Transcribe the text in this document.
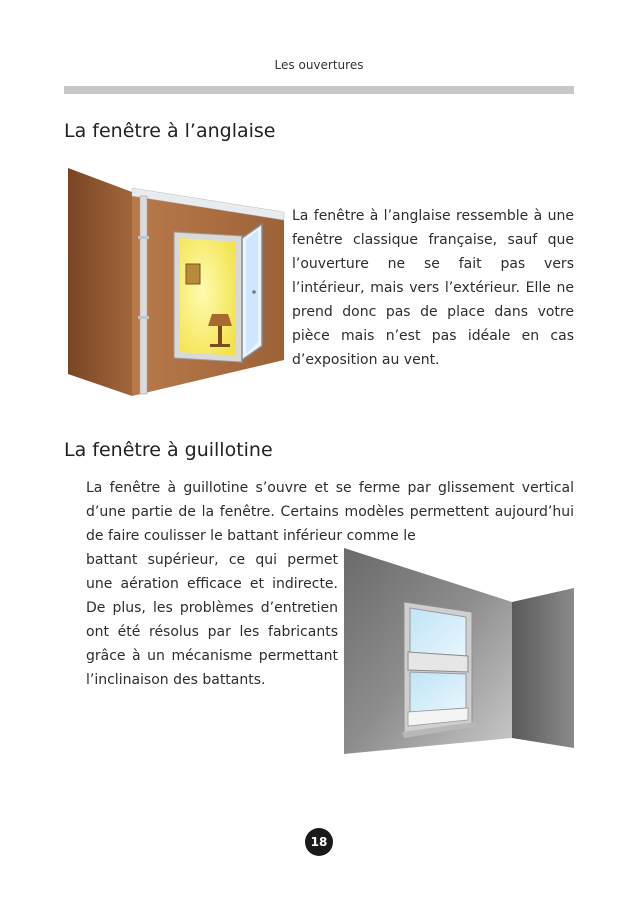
Les ouvertures
La fenêtre à l’anglaise
La fenêtre à l’anglaise ressemble à une fenêtre classique française, sauf que l’ouverture ne se fait pas vers l’intérieur, mais vers l’extérieur. Elle ne prend donc pas de place dans votre pièce mais n’est pas idéale en cas d’exposition au vent.
La fenêtre à guillotine
La fenêtre à guillotine s’ouvre et se ferme par glissement vertical d’une partie de la fenêtre. Certains modèles permettent aujourd’hui de faire coulisser le battant inférieur comme le
battant supérieur, ce qui permet une aération efficace et indirecte. De plus, les problèmes d’entretien ont été résolus par les fabricants grâce à un mécanisme permettant l’inclinaison des battants.
18
